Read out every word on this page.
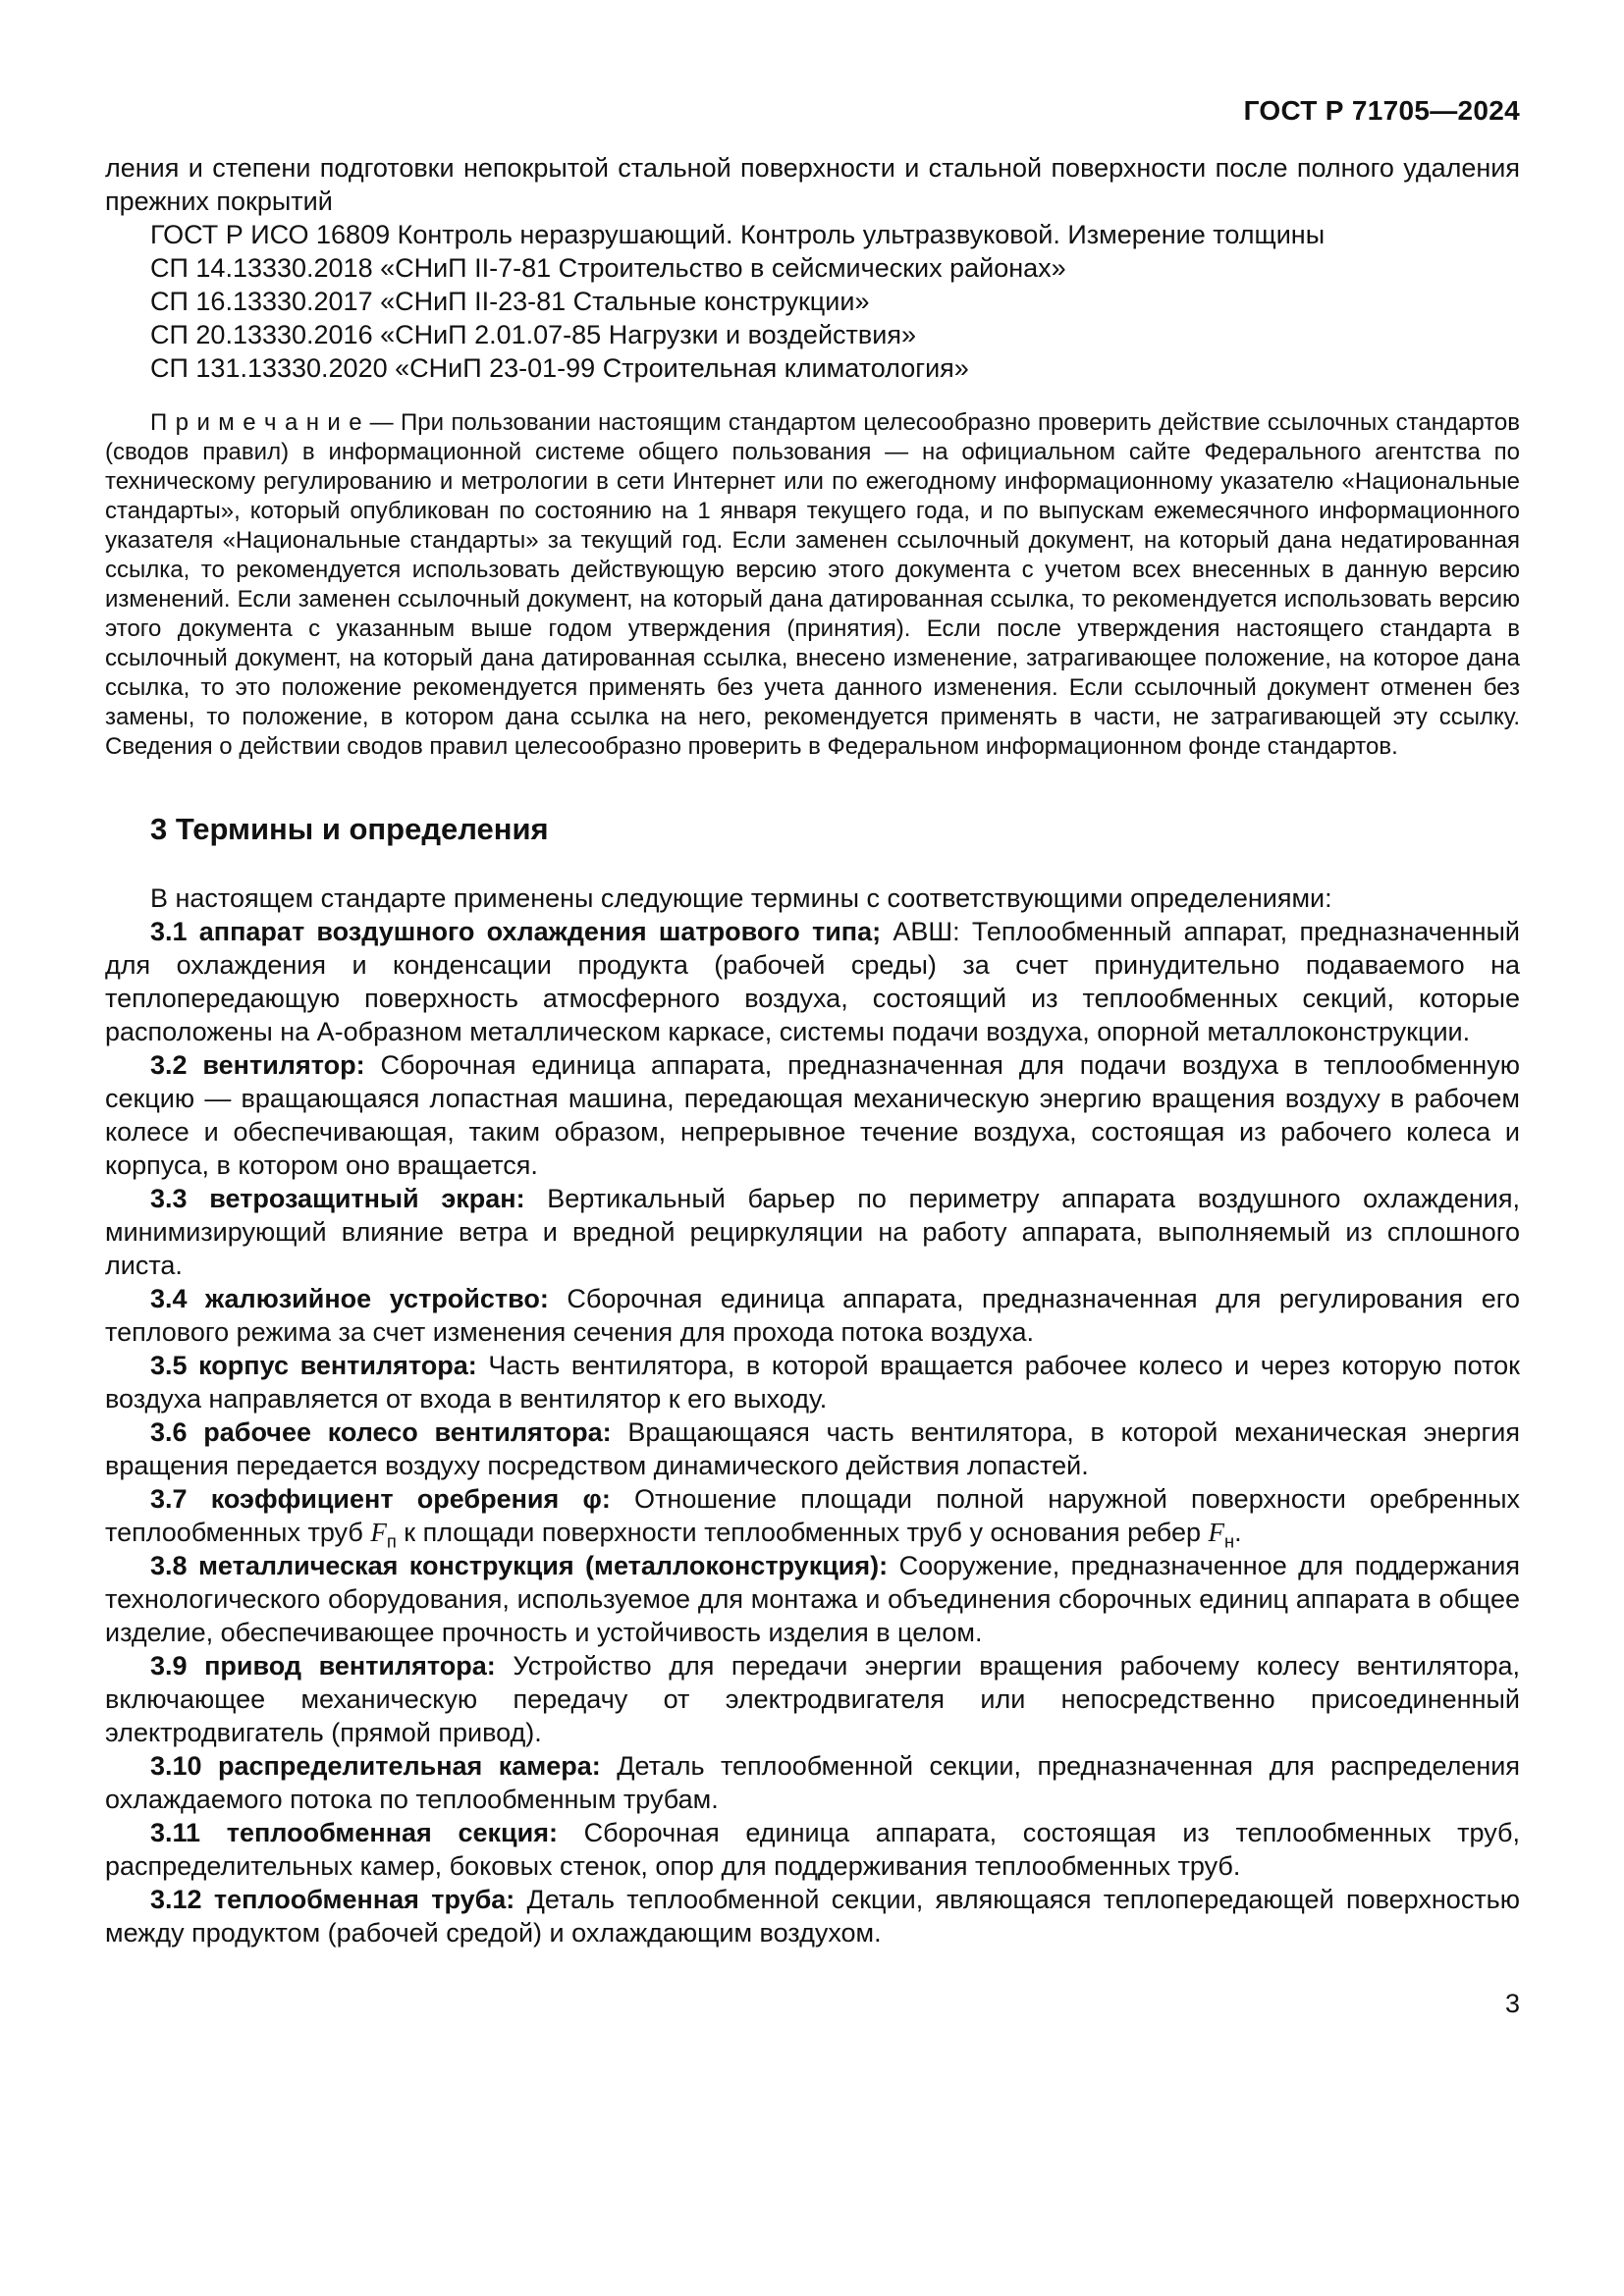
ГОСТ Р 71705—2024

ления и степени подготовки непокрытой стальной поверхности и стальной поверхности после полного удаления прежних покрытий

ГОСТ Р ИСО 16809 Контроль неразрушающий. Контроль ультразвуковой. Измерение толщины

СП 14.13330.2018 «СНиП II-7-81 Строительство в сейсмических районах»

СП 16.13330.2017 «СНиП II-23-81 Стальные конструкции»

СП 20.13330.2016 «СНиП 2.01.07-85 Нагрузки и воздействия»

СП 131.13330.2020 «СНиП 23-01-99 Строительная климатология»

П р и м е ч а н и е — При пользовании настоящим стандартом целесообразно проверить действие ссылочных стандартов (сводов правил) в информационной системе общего пользования — на официальном сайте Федерального агентства по техническому регулированию и метрологии в сети Интернет или по ежегодному информационному указателю «Национальные стандарты», который опубликован по состоянию на 1 января текущего года, и по выпускам ежемесячного информационного указателя «Национальные стандарты» за текущий год. Если заменен ссылочный документ, на который дана недатированная ссылка, то рекомендуется использовать действующую версию этого документа с учетом всех внесенных в данную версию изменений. Если заменен ссылочный документ, на который дана датированная ссылка, то рекомендуется использовать версию этого документа с указанным выше годом утверждения (принятия). Если после утверждения настоящего стандарта в ссылочный документ, на который дана датированная ссылка, внесено изменение, затрагивающее положение, на которое дана ссылка, то это положение рекомендуется применять без учета данного изменения. Если ссылочный документ отменен без замены, то положение, в котором дана ссылка на него, рекомендуется применять в части, не затрагивающей эту ссылку. Сведения о действии сводов правил целесообразно проверить в Федеральном информационном фонде стандартов.

3 Термины и определения

В настоящем стандарте применены следующие термины с соответствующими определениями:

3.1 аппарат воздушного охлаждения шатрового типа; АВШ: Теплообменный аппарат, предназначенный для охлаждения и конденсации продукта (рабочей среды) за счет принудительно подаваемого на теплопередающую поверхность атмосферного воздуха, состоящий из теплообменных секций, которые расположены на А-образном металлическом каркасе, системы подачи воздуха, опорной металлоконструкции.

3.2 вентилятор: Сборочная единица аппарата, предназначенная для подачи воздуха в теплообменную секцию — вращающаяся лопастная машина, передающая механическую энергию вращения воздуху в рабочем колесе и обеспечивающая, таким образом, непрерывное течение воздуха, состоящая из рабочего колеса и корпуса, в котором оно вращается.

3.3 ветрозащитный экран: Вертикальный барьер по периметру аппарата воздушного охлаждения, минимизирующий влияние ветра и вредной рециркуляции на работу аппарата, выполняемый из сплошного листа.

3.4 жалюзийное устройство: Сборочная единица аппарата, предназначенная для регулирования его теплового режима за счет изменения сечения для прохода потока воздуха.

3.5 корпус вентилятора: Часть вентилятора, в которой вращается рабочее колесо и через которую поток воздуха направляется от входа в вентилятор к его выходу.

3.6 рабочее колесо вентилятора: Вращающаяся часть вентилятора, в которой механическая энергия вращения передается воздуху посредством динамического действия лопастей.

3.7 коэффициент оребрения φ: Отношение площади полной наружной поверхности оребренных теплообменных труб $F_п$ к площади поверхности теплообменных труб у основания ребер $F_н$.

3.8 металлическая конструкция (металлоконструкция): Сооружение, предназначенное для поддержания технологического оборудования, используемое для монтажа и объединения сборочных единиц аппарата в общее изделие, обеспечивающее прочность и устойчивость изделия в целом.

3.9 привод вентилятора: Устройство для передачи энергии вращения рабочему колесу вентилятора, включающее механическую передачу от электродвигателя или непосредственно присоединенный электродвигатель (прямой привод).

3.10 распределительная камера: Деталь теплообменной секции, предназначенная для распределения охлаждаемого потока по теплообменным трубам.

3.11 теплообменная секция: Сборочная единица аппарата, состоящая из теплообменных труб, распределительных камер, боковых стенок, опор для поддерживания теплообменных труб.

3.12 теплообменная труба: Деталь теплообменной секции, являющаяся теплопередающей поверхностью между продуктом (рабочей средой) и охлаждающим воздухом.

3
